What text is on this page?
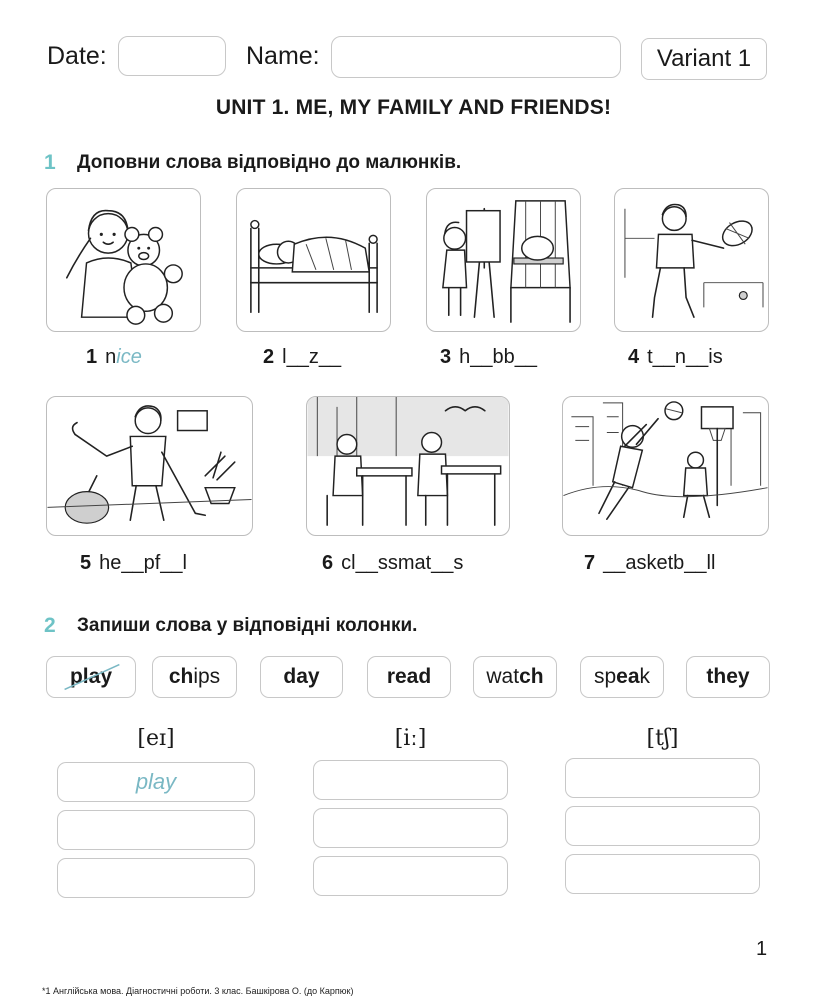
Date:	Name:	Variant 1
UNIT 1. ME, MY FAMILY AND FRIENDS!
1 Доповни слова відповідно до малюнків.
1 nice	2 l__z__	3 h__bb__	4 t__n__is
5 he__pf__l	6 cl__ssmat__s	7 __asketb__ll
2 Запиши слова у відповідні колонки.
play	ch ips	day	read	wat ch sp ea k	they
[eɪ]	[iː]	[tʃ]
play
1
*1 Англійська мова. Діагностичні роботи. 3 клас. Башкірова О. (до Карпюк)
